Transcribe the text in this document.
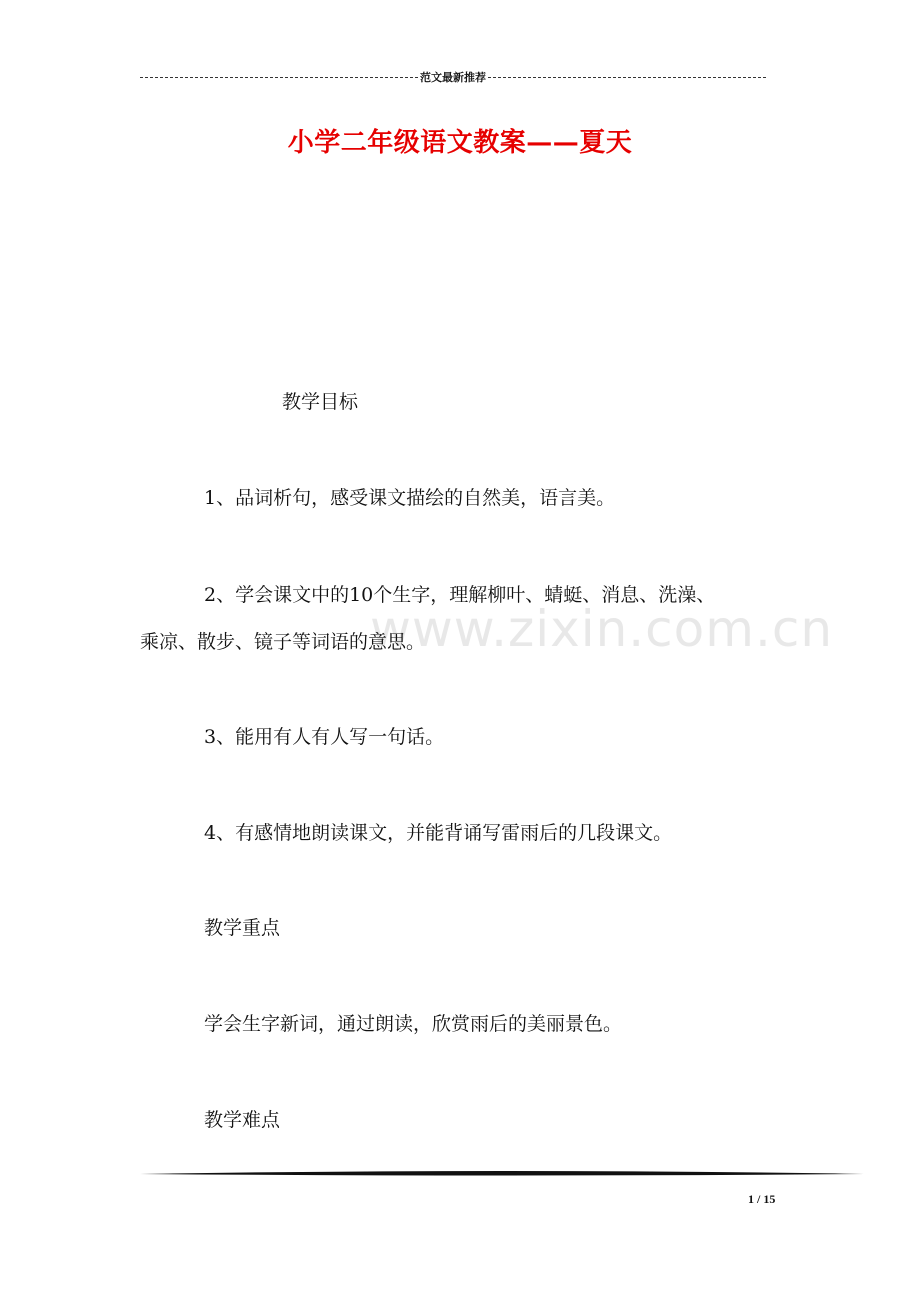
范文最新推荐
小学二年级语文教案——夏天
www.zixin.com.cn
教学目标
1、品词析句，感受课文描绘的自然美，语言美。
2、学会课文中的10个生字，理解柳叶、蜻蜓、消息、洗澡、
乘凉、散步、镜子等词语的意思。
3、能用有人有人写一句话。
4、有感情地朗读课文，并能背诵写雷雨后的几段课文。
教学重点
学会生字新词，通过朗读，欣赏雨后的美丽景色。
教学难点
1 / 15
